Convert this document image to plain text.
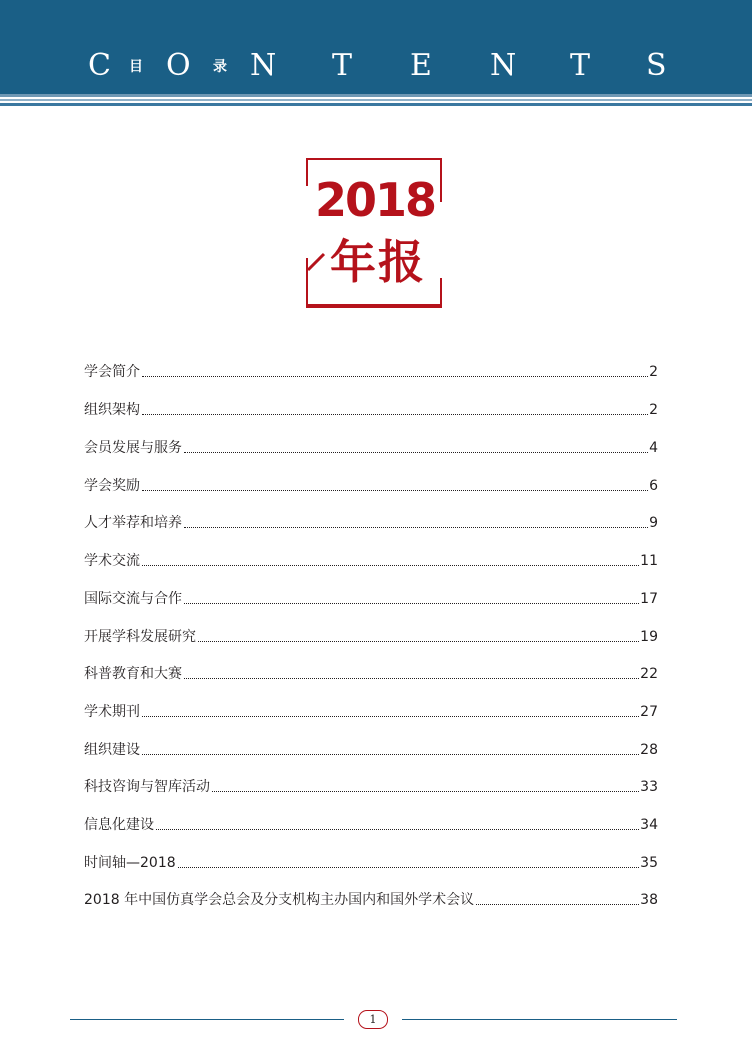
C 目 O 录 N T E N T S
2018
年报
学会简介	2
组织架构	2
会员发展与服务	4
学会奖励	6
人才举荐和培养	9
学术交流	11
国际交流与合作	17
开展学科发展研究	19
科普教育和大赛	22
学术期刊	27
组织建设	28
科技咨询与智库活动	33
信息化建设	34
时间轴—2018	35
2018 年中国仿真学会总会及分支机构主办国内和国外学术会议	38
1
